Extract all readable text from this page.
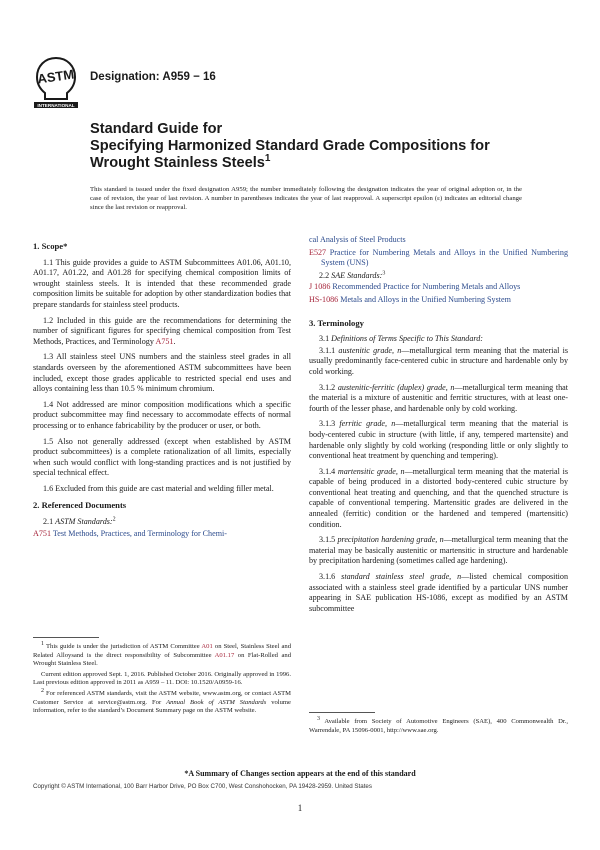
ASTM
INTERNATIONAL
Designation: A959 − 16
Standard Guide for
Specifying Harmonized Standard Grade Compositions for Wrought Stainless Steels$^1$
This standard is issued under the fixed designation A959; the number immediately following the designation indicates the year of original adoption or, in the case of revision, the year of last revision. A number in parentheses indicates the year of last reapproval. A superscript epsilon (ε) indicates an editorial change since the last revision or reapproval.
1. Scope*

1.1 This guide provides a guide to ASTM Subcommittees A01.06, A01.10, A01.17, A01.22, and A01.28 for specifying chemical composition limits of wrought stainless steels. It is intended that these recommended grade composition limits be suitable for adoption by other standardization bodies that prepare standards for stainless steel products.

1.2 Included in this guide are the recommendations for determining the number of significant figures for specifying chemical composition from Test Methods, Practices, and Terminology A751.

1.3 All stainless steel UNS numbers and the stainless steel grades in all standards overseen by the aforementioned ASTM subcommittees have been included, except those grades applicable to restricted special end uses and alloys containing less than 10.5 % minimum chromium.

1.4 Not addressed are minor composition modifications which a specific product subcommittee may find necessary to accommodate effects of normal processing or to enhance fabricability by the producer or user, or both.

1.5 Also not generally addressed (except when established by ASTM product subcommittees) is a complete rationalization of all limits, especially when such would conflict with long-standing practices and is not justified by special technical effect.

1.6 Excluded from this guide are cast material and welding filler metal.

2. Referenced Documents

2.1 ASTM Standards:$^2$

A751 Test Methods, Practices, and Terminology for Chemi-

$^1$ This guide is under the jurisdiction of ASTM Committee A01 on Steel, Stainless Steel and Related Alloysand is the direct responsibility of Subcommittee A01.17 on Flat-Rolled and Wrought Stainless Steel.

Current edition approved Sept. 1, 2016. Published October 2016. Originally approved in 1996. Last previous edition approved in 2011 as A959 – 11. DOI: 10.1520/A0959-16.

$^2$ For referenced ASTM standards, visit the ASTM website, www.astm.org, or contact ASTM Customer Service at service@astm.org. For Annual Book of ASTM Standards volume information, refer to the standard’s Document Summary page on the ASTM website.

cal Analysis of Steel Products
E527 Practice for Numbering Metals and Alloys in the Unified Numbering System (UNS)

2.2 SAE Standards:$^3$

J 1086 Recommended Practice for Numbering Metals and Alloys
HS-1086 Metals and Alloys in the Unified Numbering System
3. Terminology

3.1 Definitions of Terms Specific to This Standard:

3.1.1 austenitic grade, n—metallurgical term meaning that the material is usually predominantly face-centered cubic in structure and hardenable only by cold working.

3.1.2 austenitic-ferritic (duplex) grade, n—metallurgical term meaning that the material is a mixture of austenitic and ferritic structures, with at least one-fourth of the lesser phase, and hardenable only by cold working.

3.1.3 ferritic grade, n—metallurgical term meaning that the material is body-centered cubic in structure (with little, if any, tempered martensite) and hardenable only slightly by cold working (responding little or only slightly to conventional heat treatment by quenching and tempering).

3.1.4 martensitic grade, n—metallurgical term meaning that the material is capable of being produced in a distorted body-centered cubic structure by conventional heat treating and quenching, and that the quenched structure is capable of conventional tempering. Martensitic grades are delivered in the annealed (ferritic) condition or the hardened and tempered (martensitic) condition.

3.1.5 precipitation hardening grade, n—metallurgical term meaning that the material may be basically austenitic or martensitic in structure and hardenable by precipitation hardening (sometimes called age hardening).

3.1.6 standard stainless steel grade, n—listed chemical composition associated with a stainless steel grade identified by a particular UNS number appearing in SAE publication HS-1086, except as modified by an ASTM subcommittee

$^3$ Available from Society of Automotive Engineers (SAE), 400 Commonwealth Dr., Warrendale, PA 15096-0001, http://www.sae.org.

*A Summary of Changes section appears at the end of this standard
Copyright © ASTM International, 100 Barr Harbor Drive, PO Box C700, West Conshohocken, PA 19428-2959. United States
1
